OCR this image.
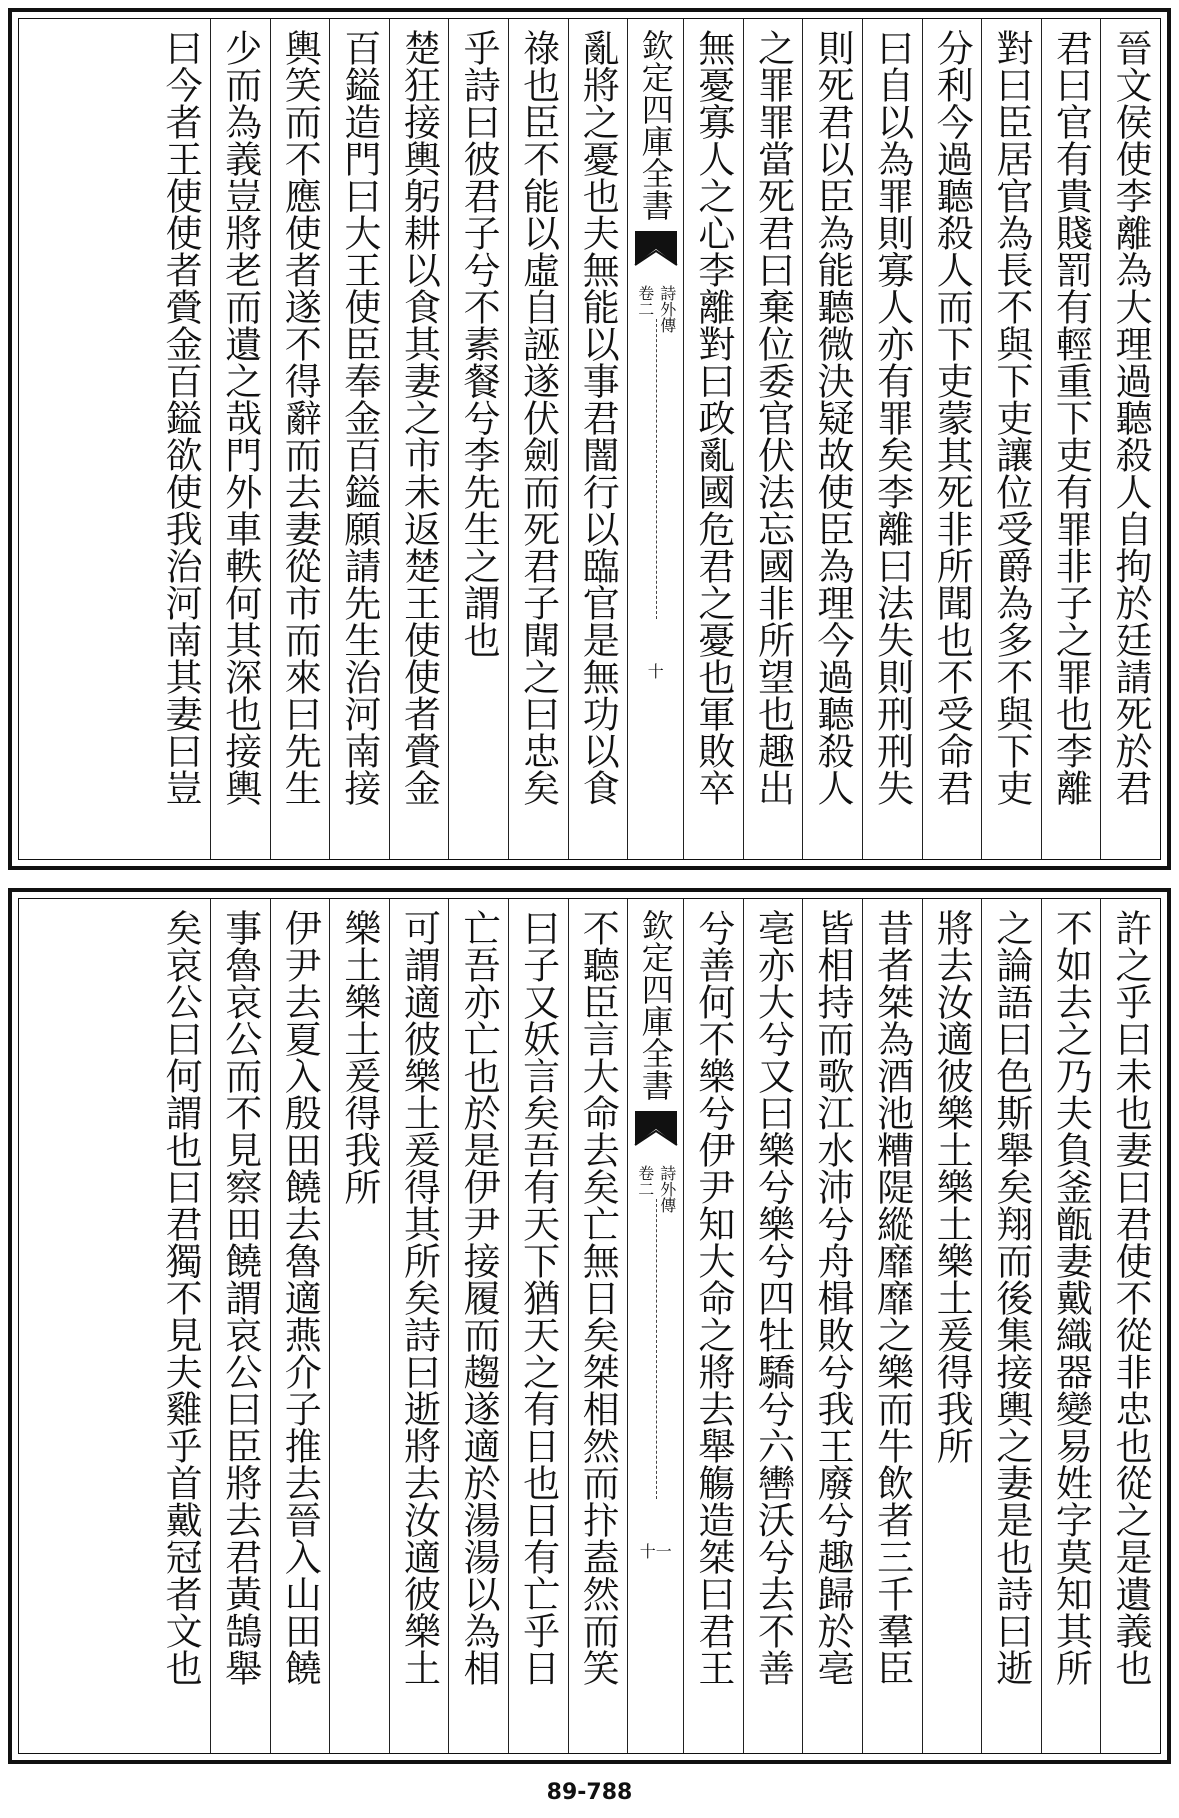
晉文侯使李離為大理過聽殺人自拘於廷請死於君
君曰官有貴賤罰有輕重下吏有罪非子之罪也李離
對曰臣居官為長不與下吏讓位受爵為多不與下吏
分利今過聽殺人而下吏蒙其死非所聞也不受命君
曰自以為罪則寡人亦有罪矣李離曰法失則刑刑失
則死君以臣為能聽微決疑故使臣為理今過聽殺人
之罪罪當死君曰棄位委官伏法忘國非所望也趣出
無憂寡人之心李離對曰政亂國危君之憂也軍敗卒
欽定四庫全書
詩外傳
卷二
十
亂將之憂也夫無能以事君闇行以臨官是無功以食
祿也臣不能以虛自誣遂伏劍而死君子聞之曰忠矣
乎詩曰彼君子兮不素餐兮李先生之謂也
楚狂接輿躬耕以食其妻之市未返楚王使使者賫金
百鎰造門曰大王使臣奉金百鎰願請先生治河南接
輿笑而不應使者遂不得辭而去妻從市而來曰先生
少而為義豈將老而遺之哉門外車軼何其深也接輿
曰今者王使使者賫金百鎰欲使我治河南其妻曰豈
許之乎曰未也妻曰君使不從非忠也從之是遺義也
不如去之乃夫負釜甑妻戴織器變易姓字莫知其所
之論語曰色斯舉矣翔而後集接輿之妻是也詩曰逝
將去汝適彼樂土樂土樂土爰得我所
昔者桀為酒池糟隄縱靡靡之樂而牛飲者三千羣臣
皆相持而歌江水沛兮舟楫敗兮我王廢兮趣歸於亳
亳亦大兮又曰樂兮樂兮四牡驕兮六轡沃兮去不善
兮善何不樂兮伊尹知大命之將去舉觴造桀曰君王
欽定四庫全書
詩外傳
卷二
十一
不聽臣言大命去矣亡無日矣桀相然而抃盍然而笑
曰子又妖言矣吾有天下猶天之有日也日有亡乎日
亡吾亦亡也於是伊尹接履而趨遂適於湯湯以為相
可謂適彼樂土爰得其所矣詩曰逝將去汝適彼樂土
樂土樂土爰得我所
伊尹去夏入殷田饒去魯適燕介子推去晉入山田饒
事魯哀公而不見察田饒謂哀公曰臣將去君黃鵠舉
矣哀公曰何謂也曰君獨不見夫雞乎首戴冠者文也
89-788
